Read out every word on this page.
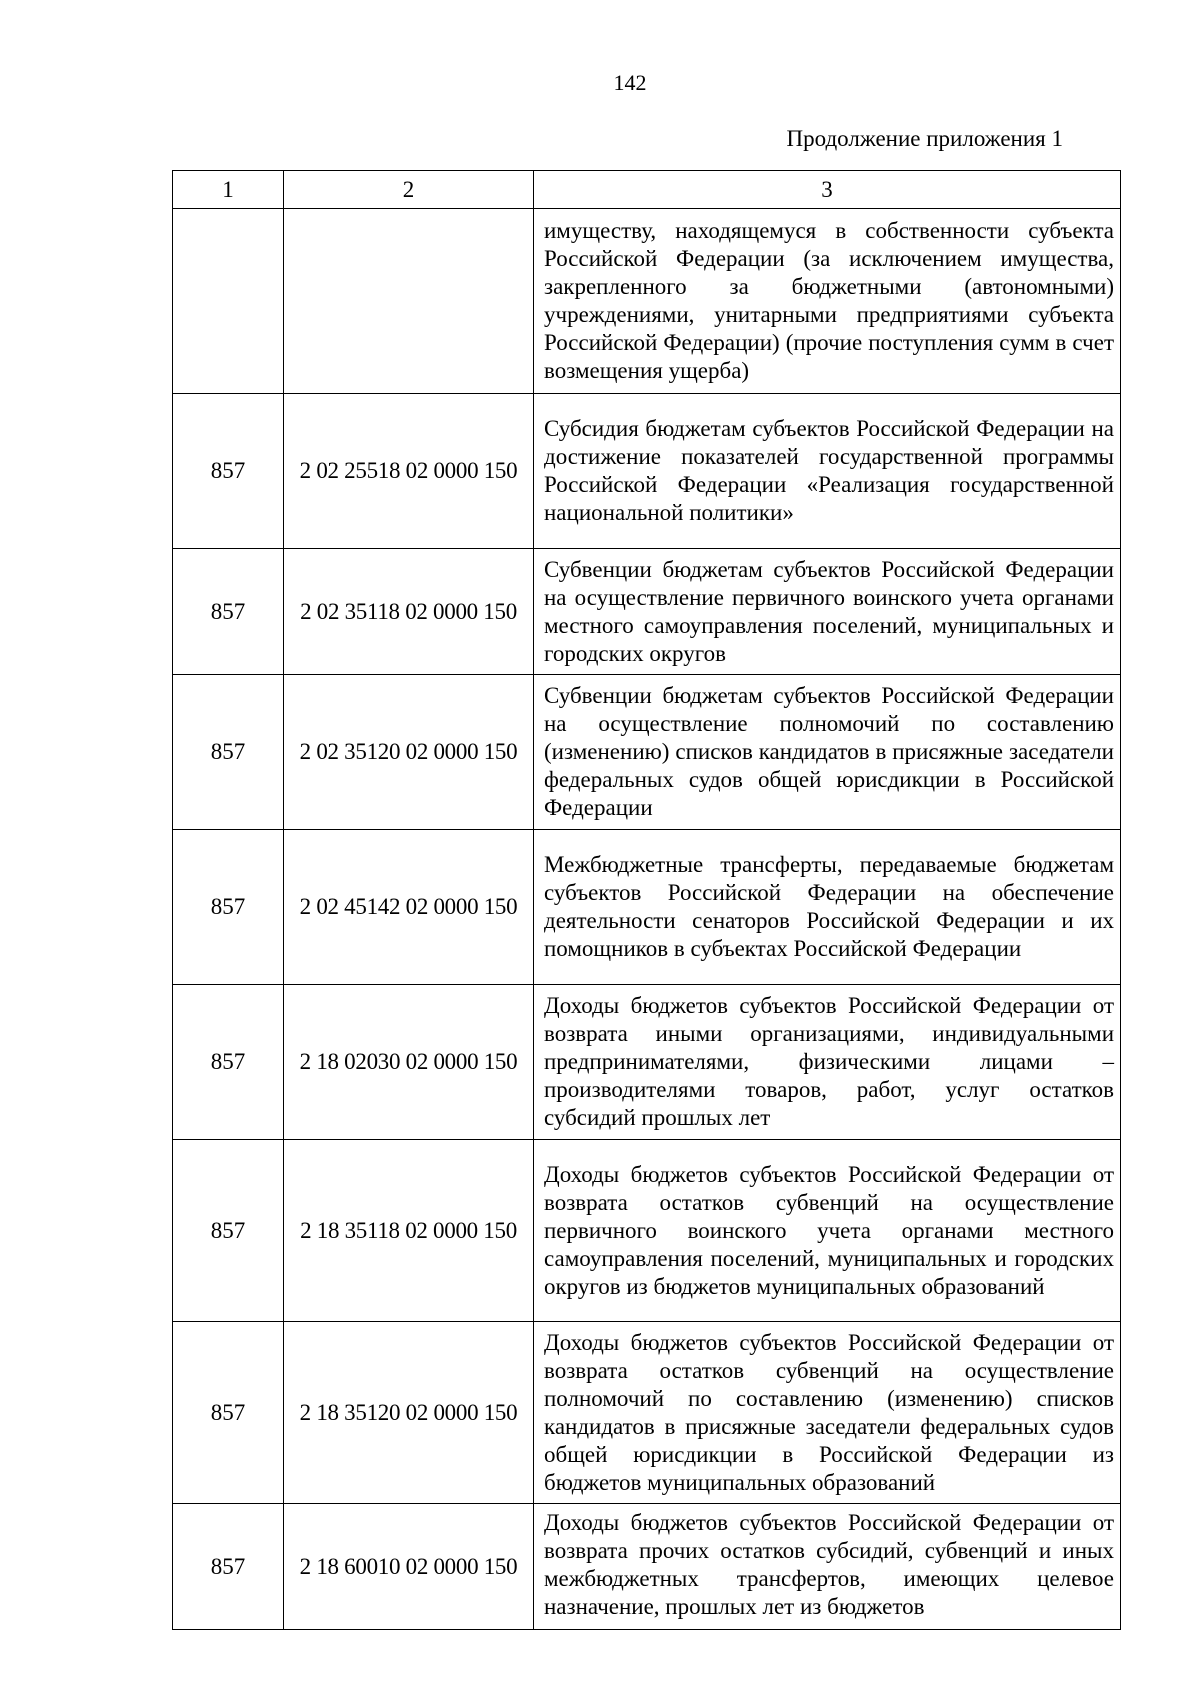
142
Продолжение приложения 1
1	2	3
		имуществу, находящемуся в собственности субъекта Российской Федерации (за исключением имущества, закрепленного за бюджетными (автономными) учреждениями, унитарными предприятиями субъекта Российской Федерации) (прочие поступления сумм в счет возмещения ущерба)
857	2 02 25518 02 0000 150	Субсидия бюджетам субъектов Российской Федерации на достижение показателей государственной программы Российской Федерации «Реализация государственной национальной политики»
857	2 02 35118 02 0000 150	Субвенции бюджетам субъектов Российской Федерации на осуществление первичного воинского учета органами местного самоуправления поселений, муниципальных и городских округов
857	2 02 35120 02 0000 150	Субвенции бюджетам субъектов Российской Федерации на осуществление полномочий по составлению (изменению) списков кандидатов в присяжные заседатели федеральных судов общей юрисдикции в Российской Федерации
857	2 02 45142 02 0000 150	Межбюджетные трансферты, передаваемые бюджетам субъектов Российской Федерации на обеспечение деятельности сенаторов Российской Федерации и их помощников в субъектах Российской Федерации
857	2 18 02030 02 0000 150	Доходы бюджетов субъектов Российской Федерации от возврата иными организациями, индивидуальными предпринимателями, физическими лицами – производителями товаров, работ, услуг остатков субсидий прошлых лет
857	2 18 35118 02 0000 150	Доходы бюджетов субъектов Российской Федерации от возврата остатков субвенций на осуществление первичного воинского учета органами местного самоуправления поселений, муниципальных и городских округов из бюджетов муниципальных образований
857	2 18 35120 02 0000 150	Доходы бюджетов субъектов Российской Федерации от возврата остатков субвенций на осуществление полномочий по составлению (изменению) списков кандидатов в присяжные заседатели федеральных судов общей юрисдикции в Российской Федерации из бюджетов муниципальных образований
857	2 18 60010 02 0000 150	Доходы бюджетов субъектов Российской Федерации от возврата прочих остатков субсидий, субвенций и иных межбюджетных трансфертов, имеющих целевое назначение, прошлых лет из бюджетов
